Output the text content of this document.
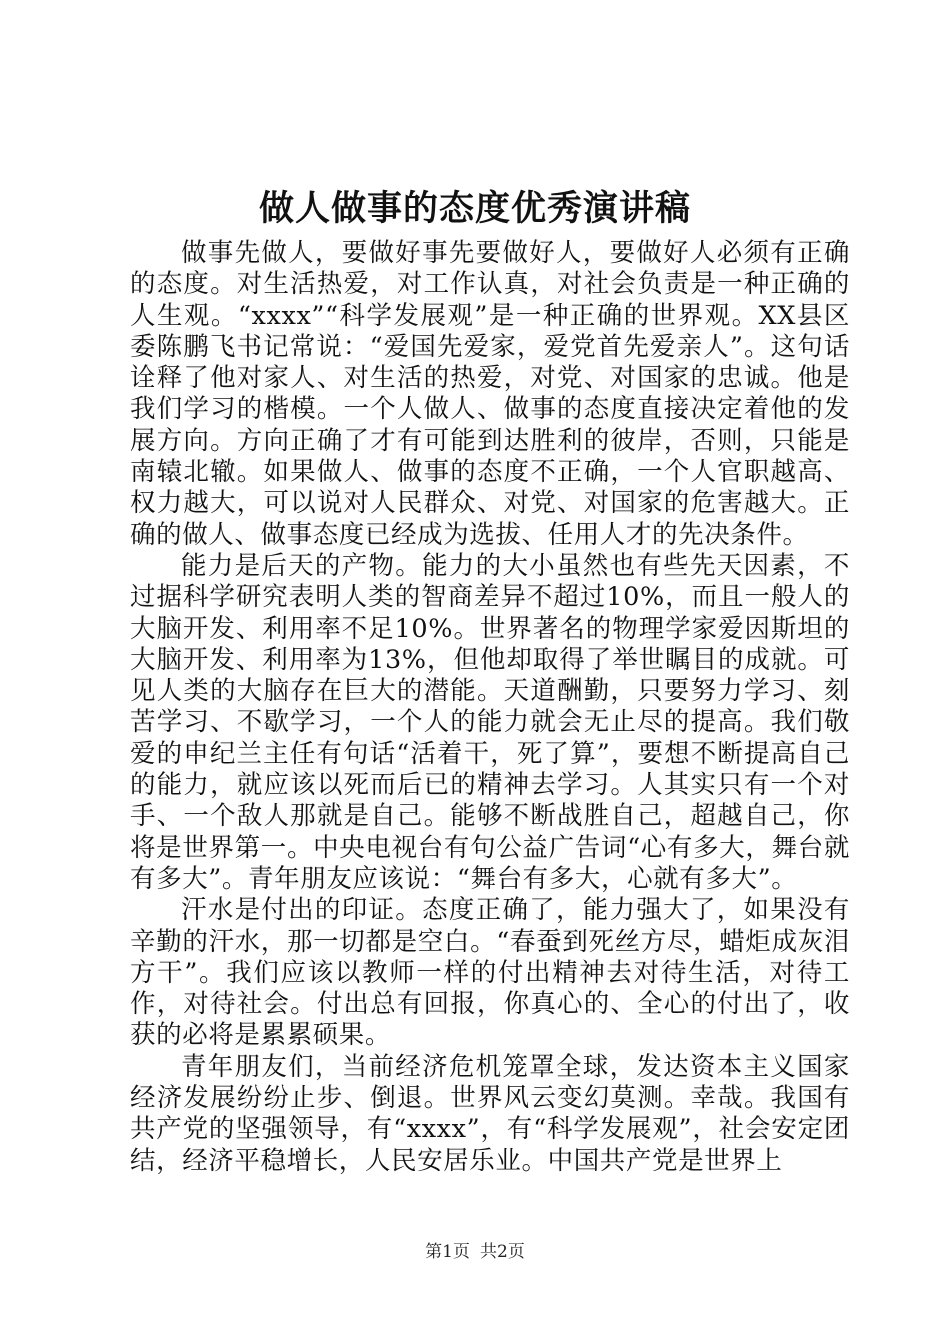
做人做事的态度优秀演讲稿

做事先做人，要做好事先要做好人，要做好人必须有正确的态度。对生活热爱，对工作认真，对社会负责是一种正确的人生观。“xxxx”“科学发展观”是一种正确的世界观。XX县区委陈鹏飞书记常说：“爱国先爱家，爱党首先爱亲人”。这句话诠释了他对家人、对生活的热爱，对党、对国家的忠诚。他是我们学习的楷模。一个人做人、做事的态度直接决定着他的发展方向。方向正确了才有可能到达胜利的彼岸，否则，只能是南辕北辙。如果做人、做事的态度不正确，一个人官职越高、权力越大，可以说对人民群众、对党、对国家的危害越大。正确的做人、做事态度已经成为选拔、任用人才的先决条件。

能力是后天的产物。能力的大小虽然也有些先天因素，不过据科学研究表明人类的智商差异不超过10%，而且一般人的大脑开发、利用率不足10%。世界著名的物理学家爱因斯坦的大脑开发、利用率为13%，但他却取得了举世瞩目的成就。可见人类的大脑存在巨大的潜能。天道酬勤，只要努力学习、刻苦学习、不歇学习，一个人的能力就会无止尽的提高。我们敬爱的申纪兰主任有句话“活着干，死了算”，要想不断提高自己的能力，就应该以死而后已的精神去学习。人其实只有一个对手、一个敌人那就是自己。能够不断战胜自己，超越自己，你将是世界第一。中央电视台有句公益广告词“心有多大，舞台就有多大”。青年朋友应该说：“舞台有多大，心就有多大”。

汗水是付出的印证。态度正确了，能力强大了，如果没有辛勤的汗水，那一切都是空白。“春蚕到死丝方尽，蜡炬成灰泪方干”。我们应该以教师一样的付出精神去对待生活，对待工作，对待社会。付出总有回报，你真心的、全心的付出了，收获的必将是累累硕果。

青年朋友们，当前经济危机笼罩全球，发达资本主义国家经济发展纷纷止步、倒退。世界风云变幻莫测。幸哉。我国有共产党的坚强领导，有“xxxx”，有“科学发展观”，社会安定团结，经济平稳增长，人民安居乐业。中国共产党是世界上

第1页 共2页
